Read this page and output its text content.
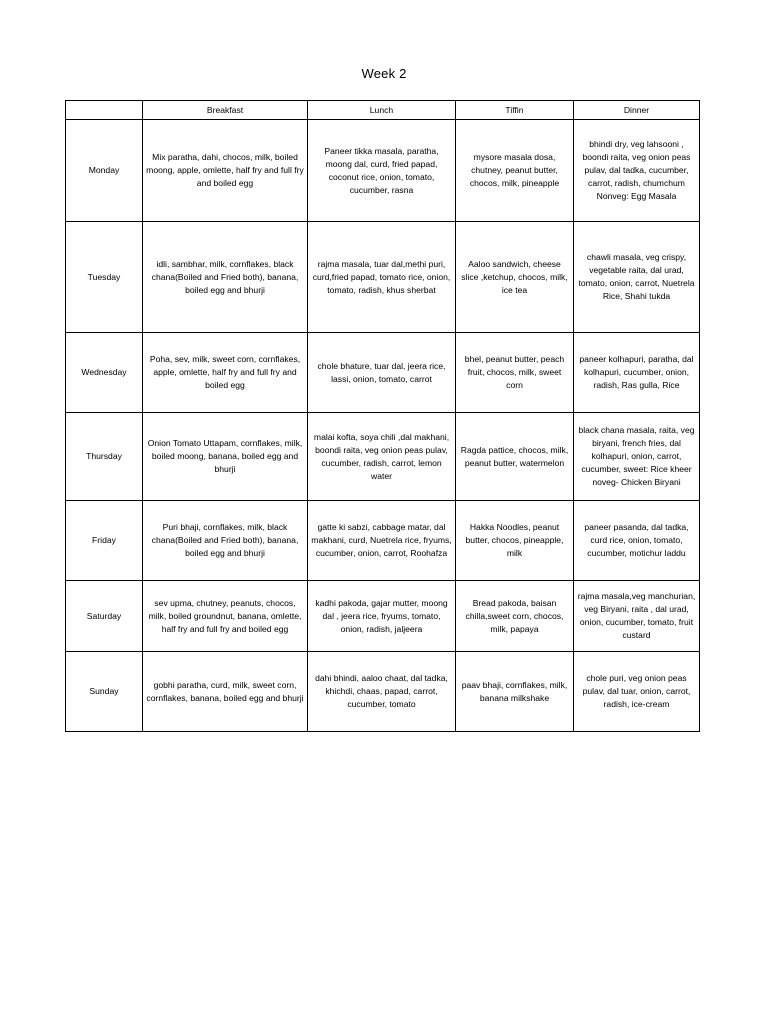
Week 2
	Breakfast	Lunch	Tiffin	Dinner
Monday	Mix paratha, dahi, chocos, milk, boiled moong, apple, omlette, half fry and full fry and boiled egg	Paneer tikka masala, paratha, moong dal, curd, fried papad, coconut rice, onion, tomato, cucumber, rasna	mysore masala dosa, chutney, peanut butter, chocos, milk, pineapple	bhindi dry, veg lahsooni , boondi raita, veg onion peas pulav, dal tadka, cucumber, carrot, radish, chumchum
Nonveg: Egg Masala

Tuesday	idli, sambhar, milk, cornflakes, black chana(Boiled and Fried both), banana, boiled egg and bhurji	rajma masala, tuar dal,methi puri, curd,fried papad, tomato rice, onion, tomato, radish, khus sherbat	Aaloo sandwich, cheese slice ,ketchup, chocos, milk, ice tea	chawli masala, veg crispy, vegetable raita, dal urad, tomato, onion, carrot, Nuetrela Rice, Shahi tukda
Wednesday	Poha, sev, milk, sweet corn, cornflakes, apple, omlette, half fry and full fry and boiled egg	chole bhature, tuar dal, jeera rice, lassi, onion, tomato, carrot	bhel, peanut butter, peach fruit, chocos, milk, sweet corn	paneer kolhapuri, paratha, dal kolhapuri, cucumber, onion, radish, Ras gulla, Rice
Thursday	Onion Tomato Uttapam, cornflakes, milk, boiled moong, banana, boiled egg and bhurji	malai kofta, soya chili ,dal makhani, boondi raita, veg onion peas pulav, cucumber, radish, carrot, lemon water	Ragda pattice, chocos, milk, peanut butter, watermelon	black chana masala, raita, veg biryani, french fries, dal kolhapuri, onion, carrot, cucumber, sweet: Rice kheer noveg- Chicken Biryani
Friday	Puri bhaji, cornflakes, milk, black chana(Boiled and Fried both), banana, boiled egg and bhurji	gatte ki sabzi, cabbage matar, dal makhani, curd, Nuetrela rice, fryums, cucumber, onion, carrot, Roohafza	Hakka Noodles, peanut butter, chocos, pineapple, milk	paneer pasanda, dal tadka, curd rice, onion, tomato, cucumber, motichur laddu
Saturday	sev upma, chutney, peanuts, chocos, milk, boiled groundnut, banana, omlette, half fry and full fry and boiled egg	kadhi pakoda, gajar mutter, moong dal , jeera rice, fryums, tomato, onion, radish, jaljeera	Bread pakoda, baisan chilla,sweet corn, chocos, milk, papaya	rajma masala,veg manchurian, veg Biryani, raita , dal urad, onion, cucumber, tomato, fruit custard
Sunday	gobhi paratha, curd, milk, sweet corn, cornflakes, banana, boiled egg and bhurji	dahi bhindi, aaloo chaat, dal tadka, khichdi, chaas, papad, carrot, cucumber, tomato	paav bhaji, cornflakes, milk, banana milkshake	chole puri, veg onion peas pulav, dal tuar, onion, carrot, radish, ice-cream
